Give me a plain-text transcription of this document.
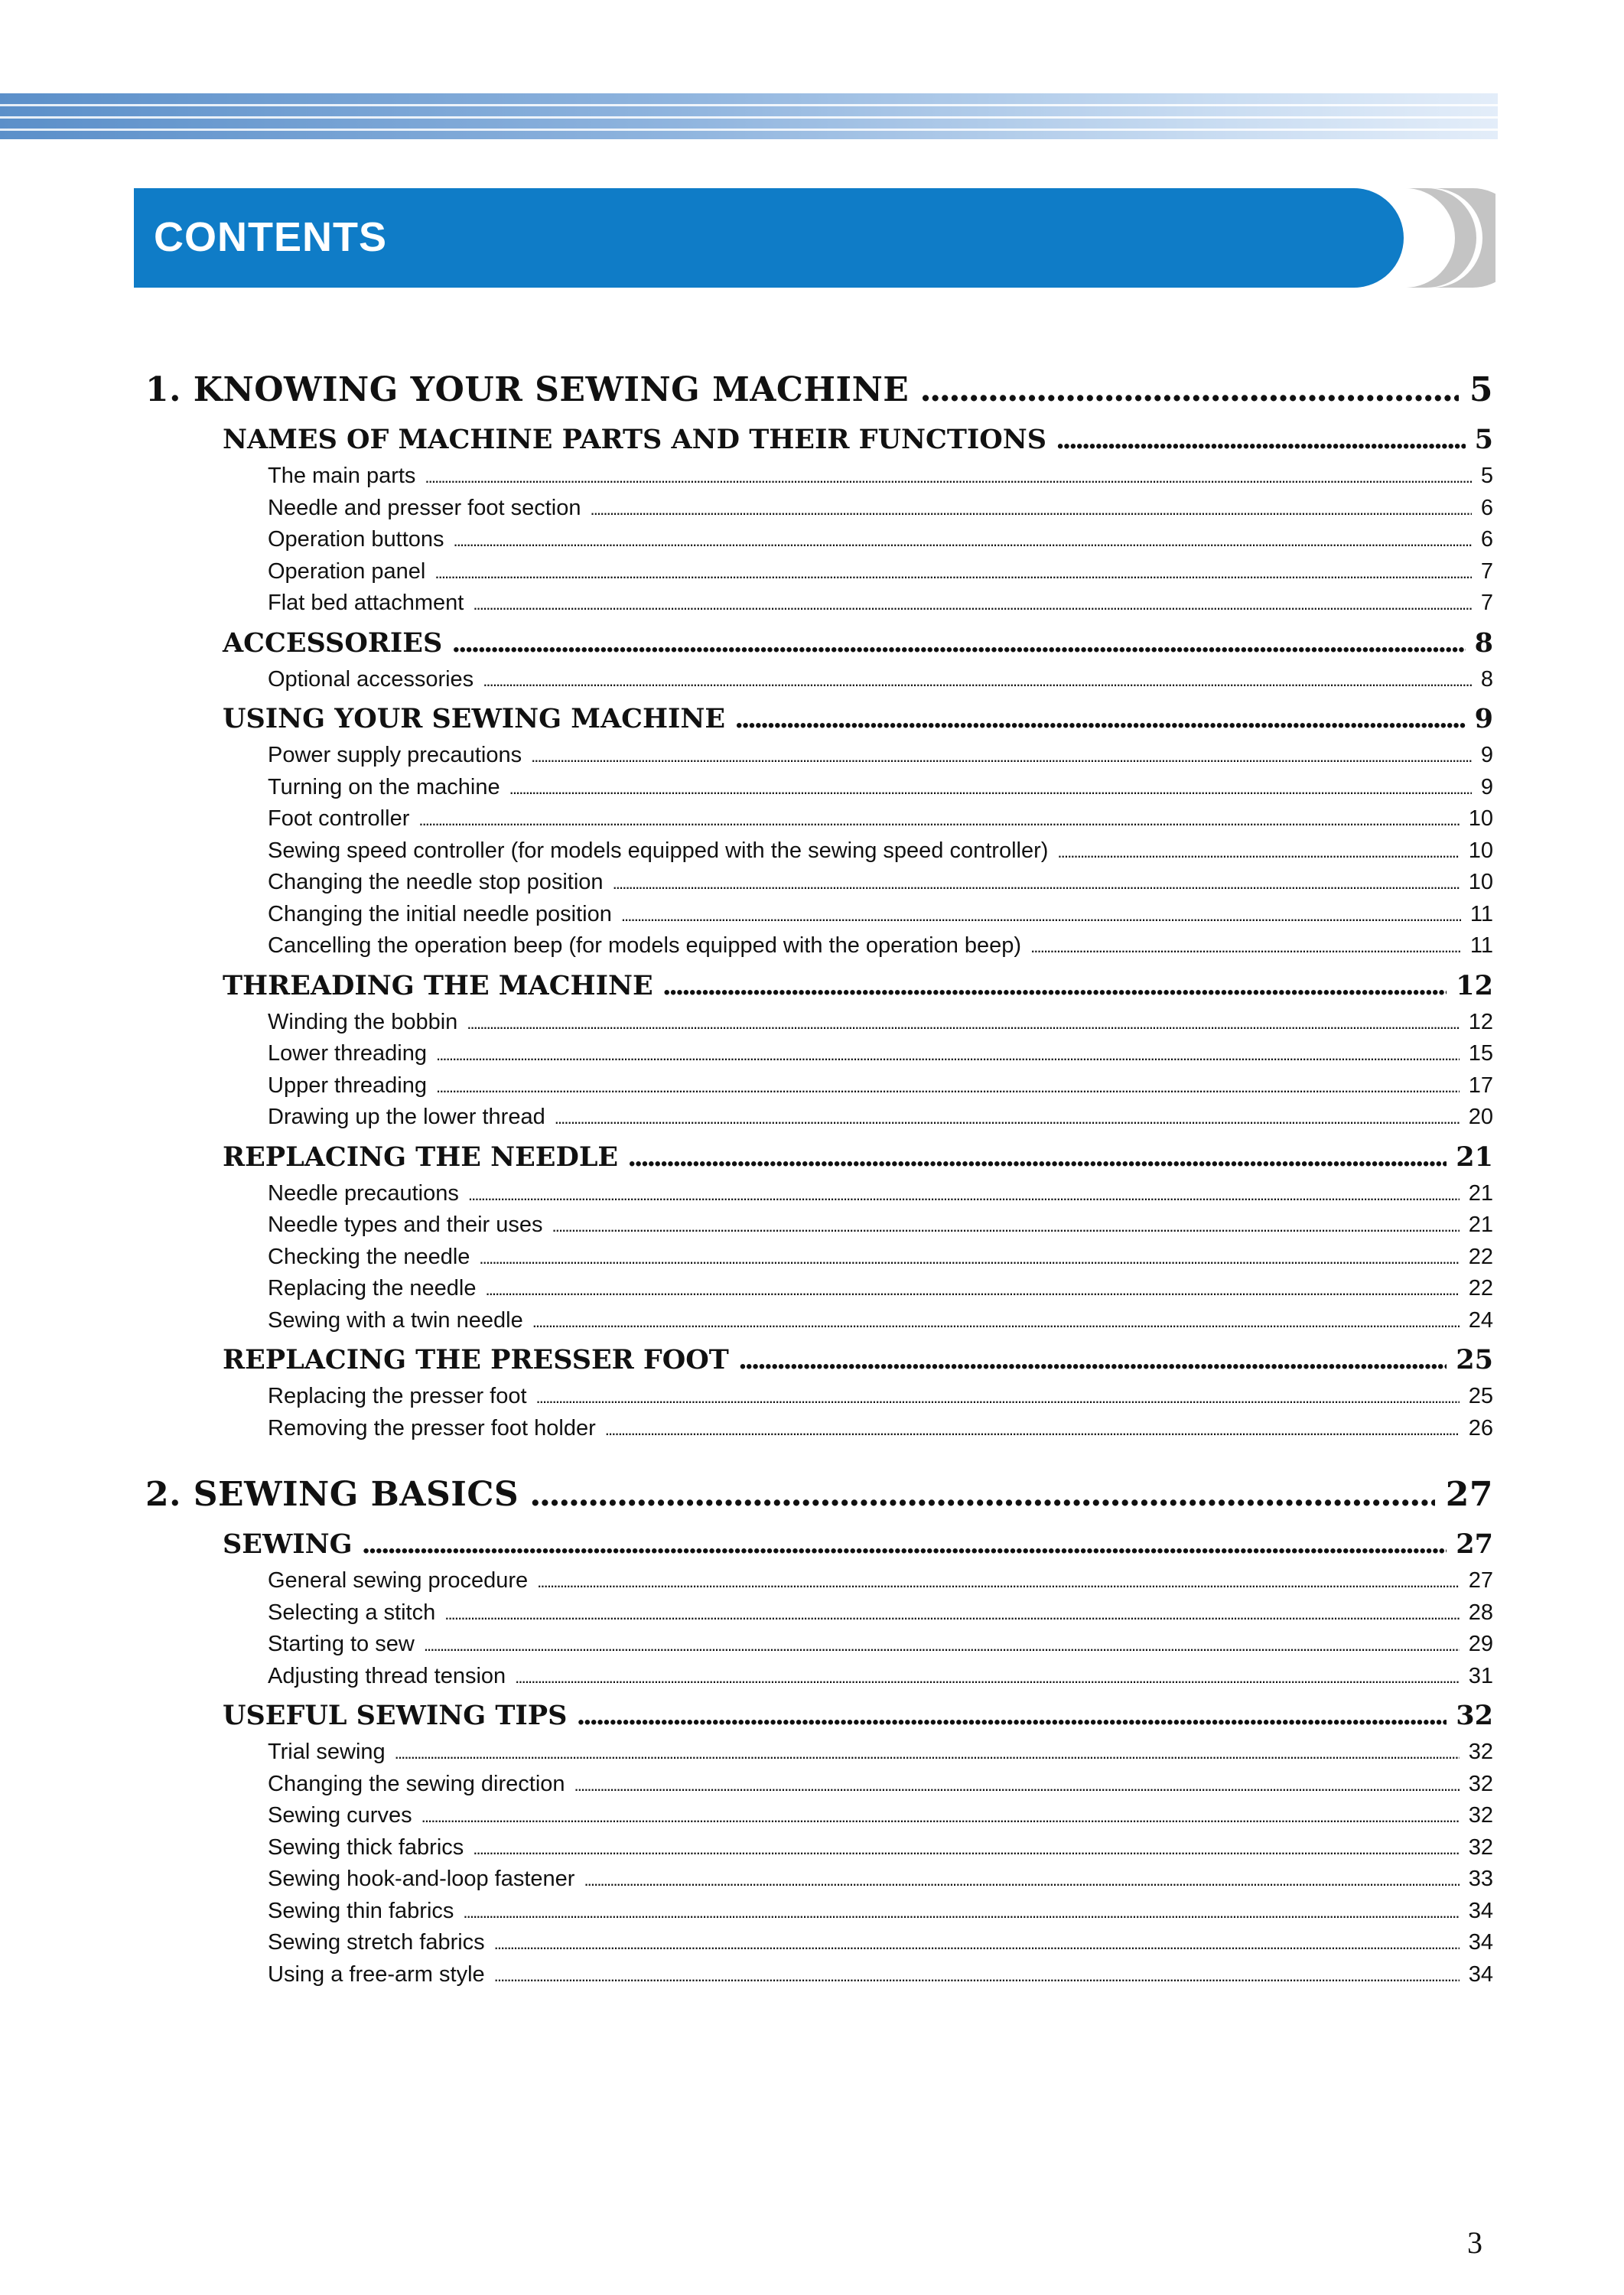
CONTENTS
1. KNOWING YOUR SEWING MACHINE . . .	5
NAMES OF MACHINE PARTS AND THEIR FUNCTIONS . . .	5
The main parts . . .	5
Needle and presser foot section . . .	6
Operation buttons . . .	6
Operation panel . . .	7
Flat bed attachment . . .	7
ACCESSORIES . . .	8
Optional accessories . . .	8
USING YOUR SEWING MACHINE . . .	9
Power supply precautions . . .	9
Turning on the machine . . .	9
Foot controller . . .	10
Sewing speed controller (for models equipped with the sewing speed controller) . . .	10
Changing the needle stop position . . .	10
Changing the initial needle position . . .	11
Cancelling the operation beep (for models equipped with the operation beep) . . .	11
THREADING THE MACHINE . . .	12
Winding the bobbin . . .	12
Lower threading . . .	15
Upper threading . . .	17
Drawing up the lower thread . . .	20
REPLACING THE NEEDLE . . .	21
Needle precautions . . .	21
Needle types and their uses . . .	21
Checking the needle . . .	22
Replacing the needle . . .	22
Sewing with a twin needle . . .	24
REPLACING THE PRESSER FOOT . . .	25
Replacing the presser foot . . .	25
Removing the presser foot holder . . .	26
2. SEWING BASICS . . .	27
SEWING . . .	27
General sewing procedure . . .	27
Selecting a stitch . . .	28
Starting to sew . . .	29
Adjusting thread tension . . .	31
USEFUL SEWING TIPS . . .	32
Trial sewing . . .	32
Changing the sewing direction . . .	32
Sewing curves . . .	32
Sewing thick fabrics . . .	32
Sewing hook-and-loop fastener . . .	33
Sewing thin fabrics . . .	34
Sewing stretch fabrics . . .	34
Using a free-arm style . . .	34
3
